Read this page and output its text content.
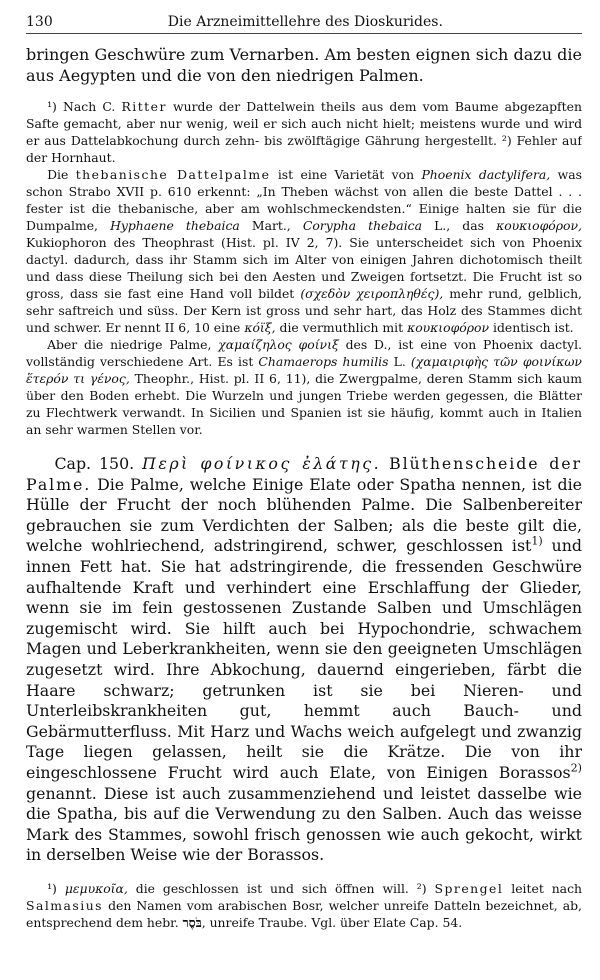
130	Die Arzneimittellehre des Dioskurides.

bringen Geschwüre zum Vernarben. Am besten eignen sich dazu die aus Aegypten und die von den niedrigen Palmen.

¹) Nach C. Ritter wurde der Dattelwein theils aus dem vom Baume abgezapften Safte gemacht, aber nur wenig, weil er sich auch nicht hielt; meistens wurde und wird er aus Dattelabkochung durch zehn- bis zwölftägige Gährung hergestellt. ²) Fehler auf der Hornhaut.

Die thebanische Dattelpalme ist eine Varietät von Phoenix dactylifera, was schon Strabo XVII p. 610 erkennt: „In Theben wächst von allen die beste Dattel . . . fester ist die thebanische, aber am wohlschmeckendsten.“ Einige halten sie für die Dumpalme, Hyphaene thebaica Mart., Corypha thebaica L., das κουκιοφόρον, Kukiophoron des Theophrast (Hist. pl. IV 2, 7). Sie unterscheidet sich von Phoenix dactyl. dadurch, dass ihr Stamm sich im Alter von einigen Jahren dichotomisch theilt und dass diese Theilung sich bei den Aesten und Zweigen fortsetzt. Die Frucht ist so gross, dass sie fast eine Hand voll bildet (σχεδὸν χειροπληθές), mehr rund, gelblich, sehr saftreich und süss. Der Kern ist gross und sehr hart, das Holz des Stammes dicht und schwer. Er nennt II 6, 10 eine κόϊξ, die vermuthlich mit κουκιοφόρον identisch ist.

Aber die niedrige Palme, χαμαίζηλος φοίνιξ des D., ist eine von Phoenix dactyl. vollständig verschiedene Art. Es ist Chamaerops humilis L. (χαμαιριφὴς τῶν φοινίκων ἕτερόν τι γένος, Theophr., Hist. pl. II 6, 11), die Zwergpalme, deren Stamm sich kaum über den Boden erhebt. Die Wurzeln und jungen Triebe werden gegessen, die Blätter zu Flechtwerk verwandt. In Sicilien und Spanien ist sie häufig, kommt auch in Italien an sehr warmen Stellen vor.

Cap. 150. Περὶ φοίνικος ἐλάτης. Blüthenscheide der Palme. Die Palme, welche Einige Elate oder Spatha nennen, ist die Hülle der Frucht der noch blühenden Palme. Die Salbenbereiter gebrauchen sie zum Verdichten der Salben; als die beste gilt die, welche wohlriechend, adstringirend, schwer, geschlossen ist$^{1)}$ und innen Fett hat. Sie hat adstringirende, die fressenden Geschwüre aufhaltende Kraft und verhindert eine Erschlaffung der Glieder, wenn sie im fein gestossenen Zustande Salben und Umschlägen zugemischt wird. Sie hilft auch bei Hypochondrie, schwachem Magen und Leberkrankheiten, wenn sie den geeigneten Umschlägen zugesetzt wird. Ihre Abkochung, dauernd eingerieben, färbt die Haare schwarz; getrunken ist sie bei Nieren- und Unterleibskrankheiten gut, hemmt auch Bauch- und Gebärmutterfluss. Mit Harz und Wachs weich aufgelegt und zwanzig Tage liegen gelassen, heilt sie die Krätze. Die von ihr eingeschlossene Frucht wird auch Elate, von Einigen Borassos$^{2)}$ genannt. Diese ist auch zusammenziehend und leistet dasselbe wie die Spatha, bis auf die Verwendung zu den Salben. Auch das weisse Mark des Stammes, sowohl frisch genossen wie auch gekocht, wirkt in derselben Weise wie der Borassos.

¹) μεμυκοῖα, die geschlossen ist und sich öffnen will. ²) Sprengel leitet nach Salmasius den Namen vom arabischen Bosr, welcher unreife Datteln bezeichnet, ab, entsprechend dem hebr. בֹּסֶר, unreife Traube. Vgl. über Elate Cap. 54.
